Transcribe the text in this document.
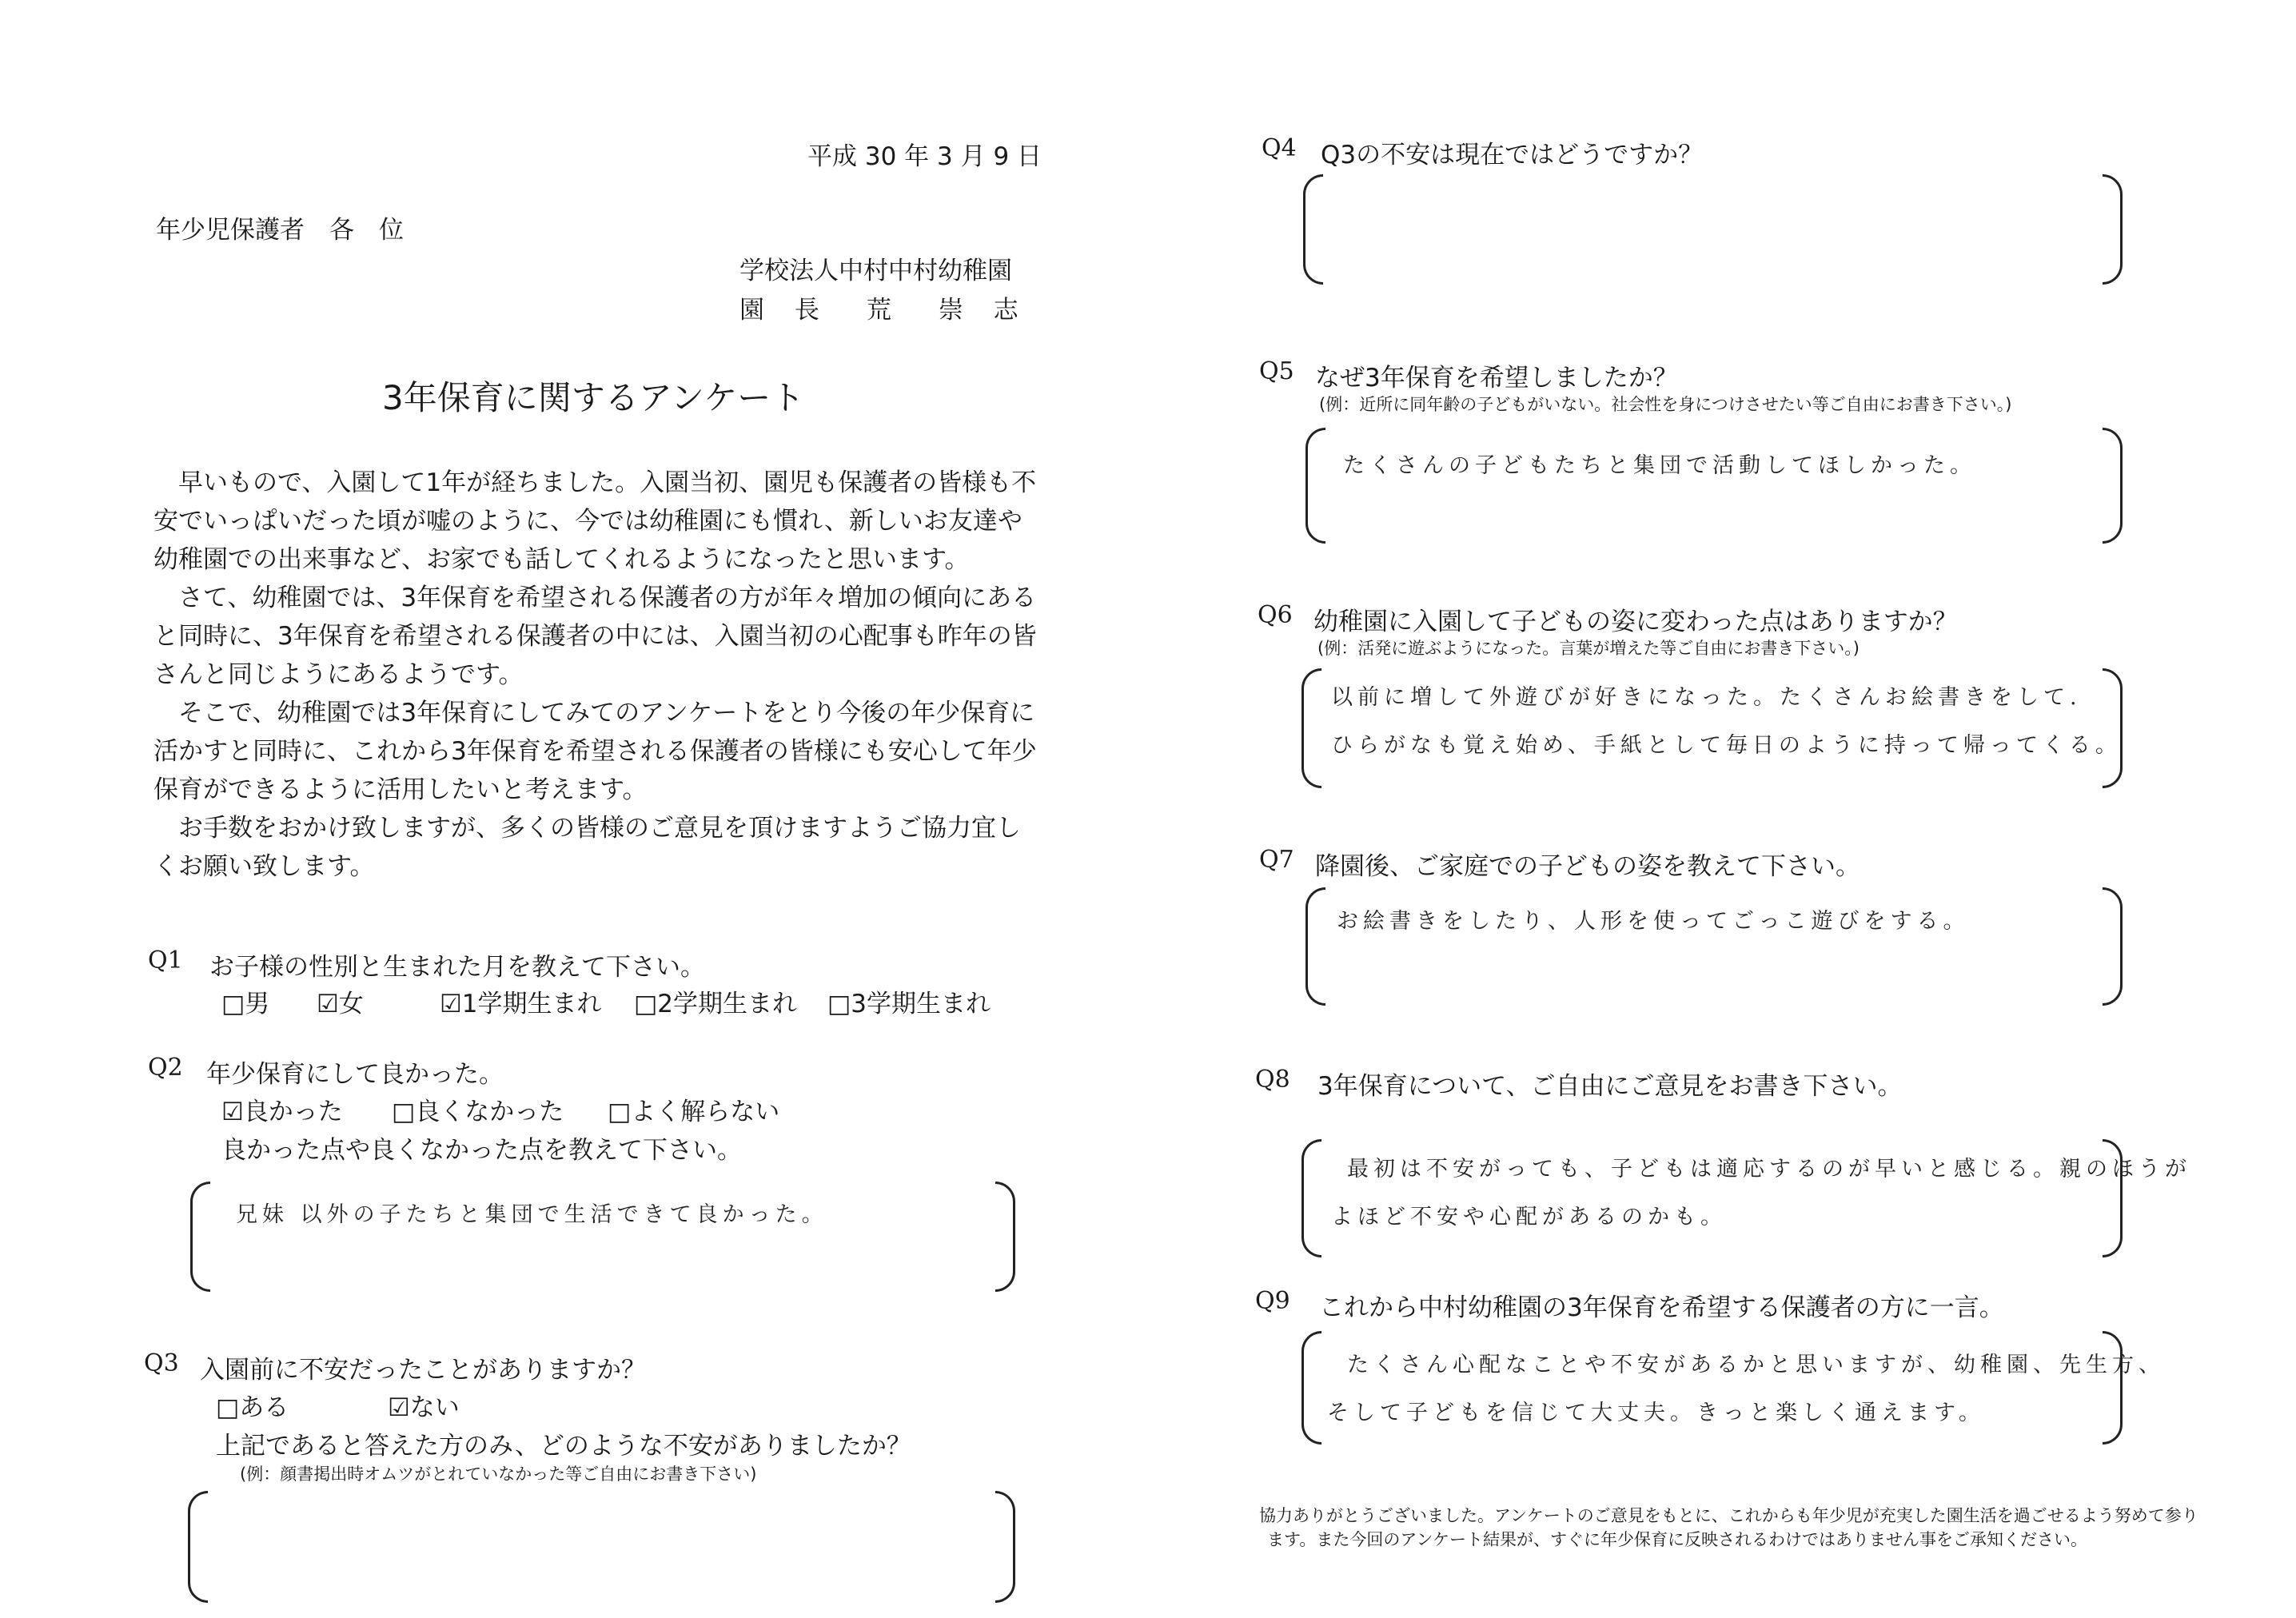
平成 30 年 3 月 9 日
年少児保護者　各　位
学校法人中村中村幼稚園
園 長　荒　崇 志
3年保育に関するアンケート

早いもので、入園して1年が経ちました。入園当初、園児も保護者の皆様も不安でいっぱいだった頃が嘘のように、今では幼稚園にも慣れ、新しいお友達や幼稚園での出来事など、お家でも話してくれるようになったと思います。

さて、幼稚園では、3年保育を希望される保護者の方が年々増加の傾向にあると同時に、3年保育を希望される保護者の中には、入園当初の心配事も昨年の皆さんと同じようにあるようです。

そこで、幼稚園では3年保育にしてみてのアンケートをとり今後の年少保育に活かすと同時に、これから3年保育を希望される保護者の皆様にも安心して年少保育ができるように活用したいと考えます。

お手数をおかけ致しますが、多くの皆様のご意見を頂けますようご協力宜しくお願い致します。

Q1 お子様の性別と生まれた月を教えて下さい。
□男 ☑女	☑1学期生まれ □2学期生まれ □3学期生まれ
Q2 年少保育にして良かった。
☑良かった □良くなかった □よく解らない
良かった点や良くなかった点を教えて下さい。
兄妹 以外の子たちと集団で生活できて良かった。
Q3 入園前に不安だったことがありますか？
□ある	☑ない
上記であると答えた方のみ、どのような不安がありましたか？
(例：顔書掲出時オムツがとれていなかった等ご自由にお書き下さい)
Q4 Q3の不安は現在ではどうですか？
Q5 なぜ3年保育を希望しましたか？
(例：近所に同年齢の子どもがいない。社会性を身につけさせたい等ご自由にお書き下さい。)
たくさんの子どもたちと集団で活動してほしかった。
Q6 幼稚園に入園して子どもの姿に変わった点はありますか？
(例：活発に遊ぶようになった。言葉が増えた等ご自由にお書き下さい。)
以前に増して外遊びが好きになった。たくさんお絵書きをして.
ひらがなも覚え始め、手紙として毎日のように持って帰ってくる。
Q7 降園後、ご家庭での子どもの姿を教えて下さい。
お絵書きをしたり、人形を使ってごっこ遊びをする。
Q8 3年保育について、ご自由にご意見をお書き下さい。
最初は不安がっても、子どもは適応するのが早いと感じる。親のほうが
よほど不安や心配があるのかも。
Q9 これから中村幼稚園の3年保育を希望する保護者の方に一言。
たくさん心配なことや不安があるかと思いますが、幼稚園、先生方、
そして子どもを信じて大丈夫。きっと楽しく通えます。
協力ありがとうございました。アンケートのご意見をもとに、これからも年少児が充実した園生活を過ごせるよう努めて参り
ます。また今回のアンケート結果が、すぐに年少保育に反映されるわけではありません事をご承知ください。
